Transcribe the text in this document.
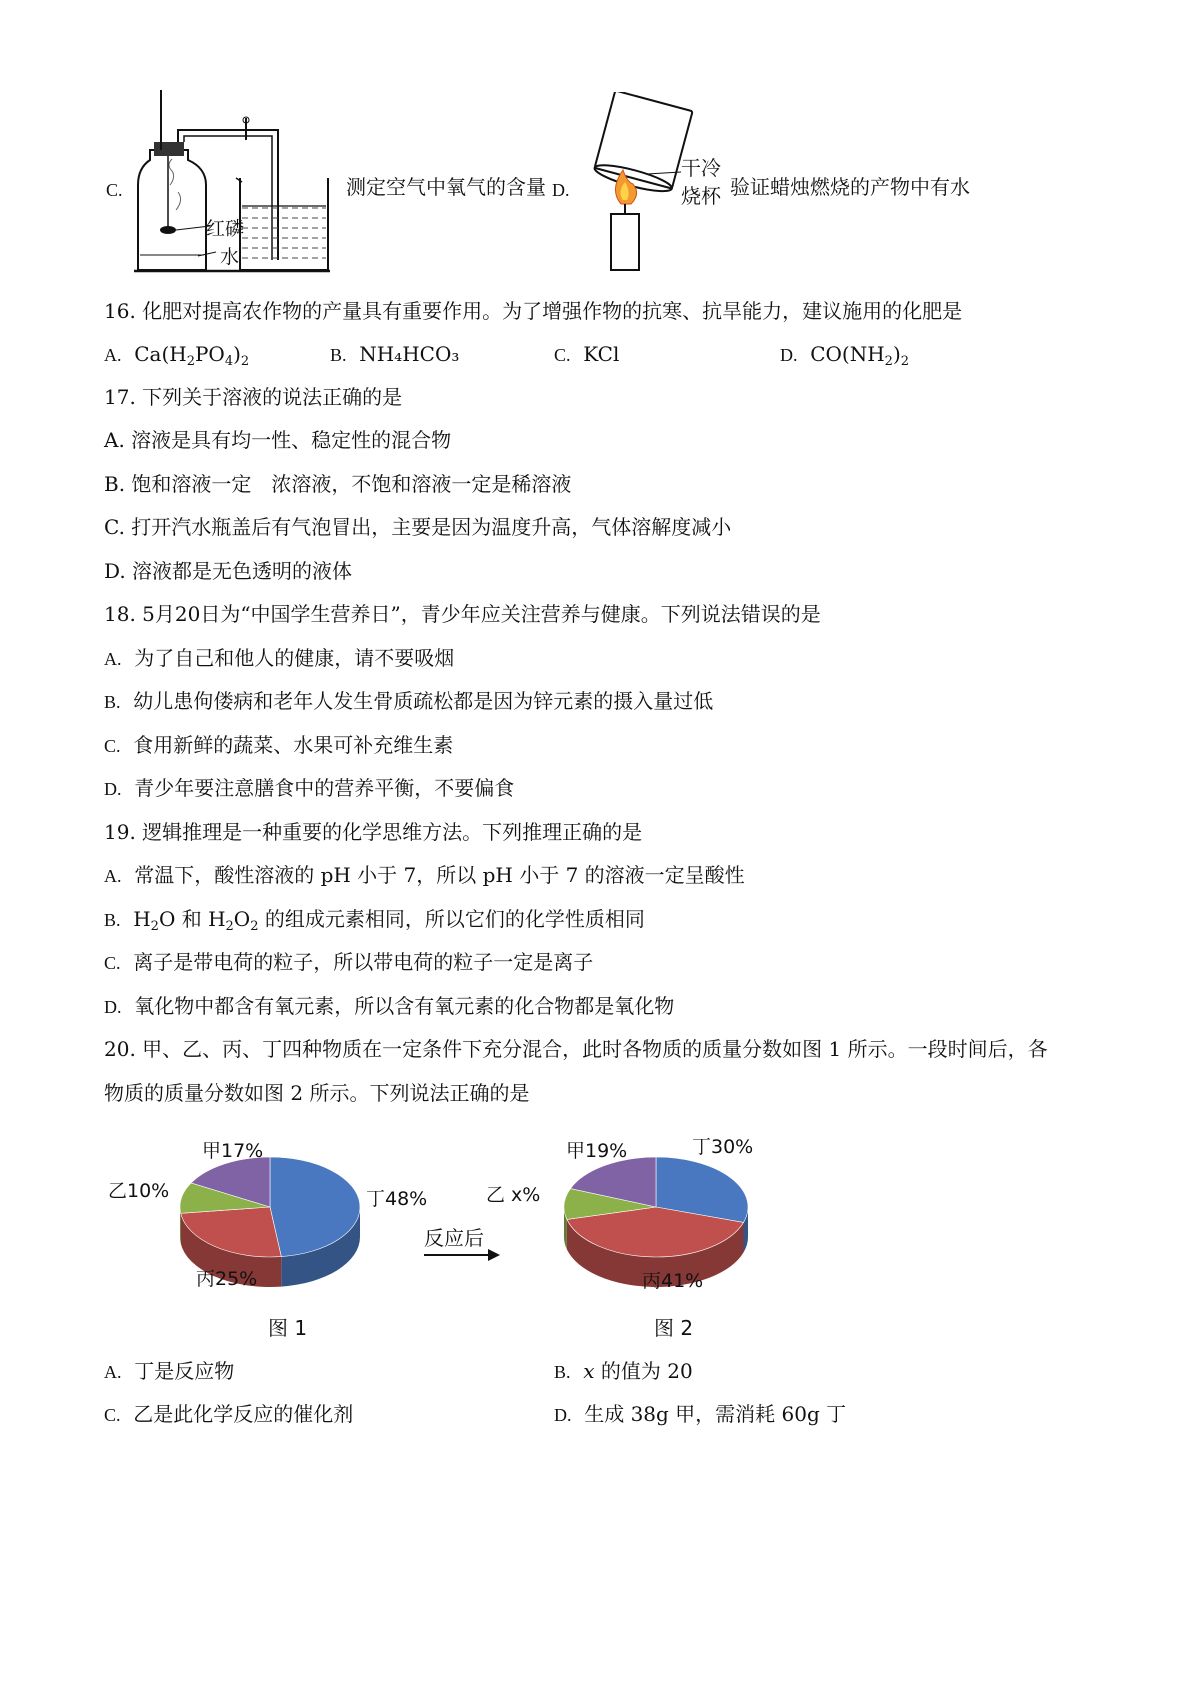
C.
红磷
水
测定空气中氧气的含量 D.
干冷
烧杯 验证蜡烛燃烧的产物中有水
16. 化肥对提高农作物的产量具有重要作用。为了增强作物的抗寒、抗旱能力，建议施用的化肥是
A.  $Ca(H_2PO_4)_2$	B. NH₄HCO₃	C. KCl	D.  $CO(NH_2)_2$
17. 下列关于溶液的说法正确的是
A. 溶液是具有均一性、稳定性的混合物
B. 饱和溶液一定　浓溶液，不饱和溶液一定是稀溶液
C. 打开汽水瓶盖后有气泡冒出，主要是因为温度升高，气体溶解度减小
D. 溶液都是无色透明的液体
18. 5月20日为“中国学生营养日”，青少年应关注营养与健康。下列说法错误的是
A. 为了自己和他人的健康，请不要吸烟
B. 幼儿患佝偻病和老年人发生骨质疏松都是因为锌元素的摄入量过低
C. 食用新鲜的蔬菜、水果可补充维生素
D. 青少年要注意膳食中的营养平衡，不要偏食
19. 逻辑推理是一种重要的化学思维方法。下列推理正确的是
A. 常温下，酸性溶液的 pH 小于 7，所以 pH 小于 7 的溶液一定呈酸性
B.  $H_2O$ 和 $H_2O_2$ 的组成元素相同，所以它们的化学性质相同
C. 离子是带电荷的粒子，所以带电荷的粒子一定是离子
D. 氧化物中都含有氧元素，所以含有氧元素的化合物都是氧化物
20. 甲、乙、丙、丁四种物质在一定条件下充分混合，此时各物质的质量分数如图 1 所示。一段时间后，各
物质的质量分数如图 2 所示。下列说法正确的是
甲17%
乙10%	丁48%
丙25%
反应后
甲19%
乙 x%
丁30%
丙41%
图 1	图 2
A. 丁是反应物	B. x 的值为 20
C. 乙是此化学反应的催化剂	D. 生成 38g 甲，需消耗 60g 丁
